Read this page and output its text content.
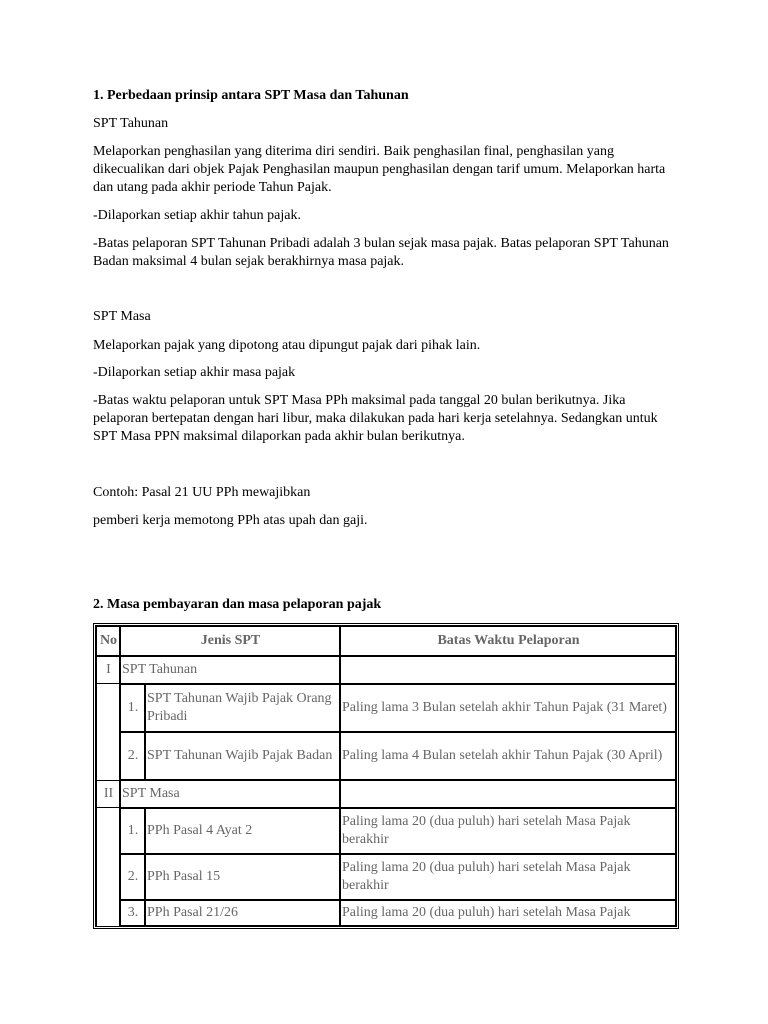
1. Perbedaan prinsip antara SPT Masa dan Tahunan
SPT Tahunan
Melaporkan penghasilan yang diterima diri sendiri. Baik penghasilan final, penghasilan yang dikecualikan dari objek Pajak Penghasilan maupun penghasilan dengan tarif umum. Melaporkan harta dan utang pada akhir periode Tahun Pajak.
-Dilaporkan setiap akhir tahun pajak.
-Batas pelaporan SPT Tahunan Pribadi adalah 3 bulan sejak masa pajak. Batas pelaporan SPT Tahunan Badan maksimal 4 bulan sejak berakhirnya masa pajak.
SPT Masa
Melaporkan pajak yang dipotong atau dipungut pajak dari pihak lain.
-Dilaporkan setiap akhir masa pajak
-Batas waktu pelaporan untuk SPT Masa PPh maksimal pada tanggal 20 bulan berikutnya. Jika pelaporan bertepatan dengan hari libur, maka dilakukan pada hari kerja setelahnya. Sedangkan untuk SPT Masa PPN maksimal dilaporkan pada akhir bulan berikutnya.
Contoh: Pasal 21 UU PPh mewajibkan
pemberi kerja memotong PPh atas upah dan gaji.
2. Masa pembayaran dan masa pelaporan pajak
No	Jenis SPT		Batas Waktu Pelaporan
I	SPT Tahunan		
	1.	SPT Tahunan Wajib Pajak Orang Pribadi	Paling lama 3 Bulan setelah akhir Tahun Pajak (31 Maret)
	2.	SPT Tahunan Wajib Pajak Badan	Paling lama 4 Bulan setelah akhir Tahun Pajak (30 April)
II	SPT Masa		
	1.	PPh Pasal 4 Ayat 2	Paling lama 20 (dua puluh) hari setelah Masa Pajak berakhir
	2.	PPh Pasal 15	Paling lama 20 (dua puluh) hari setelah Masa Pajak berakhir
	3.	PPh Pasal 21/26	Paling lama 20 (dua puluh) hari setelah Masa Pajak
